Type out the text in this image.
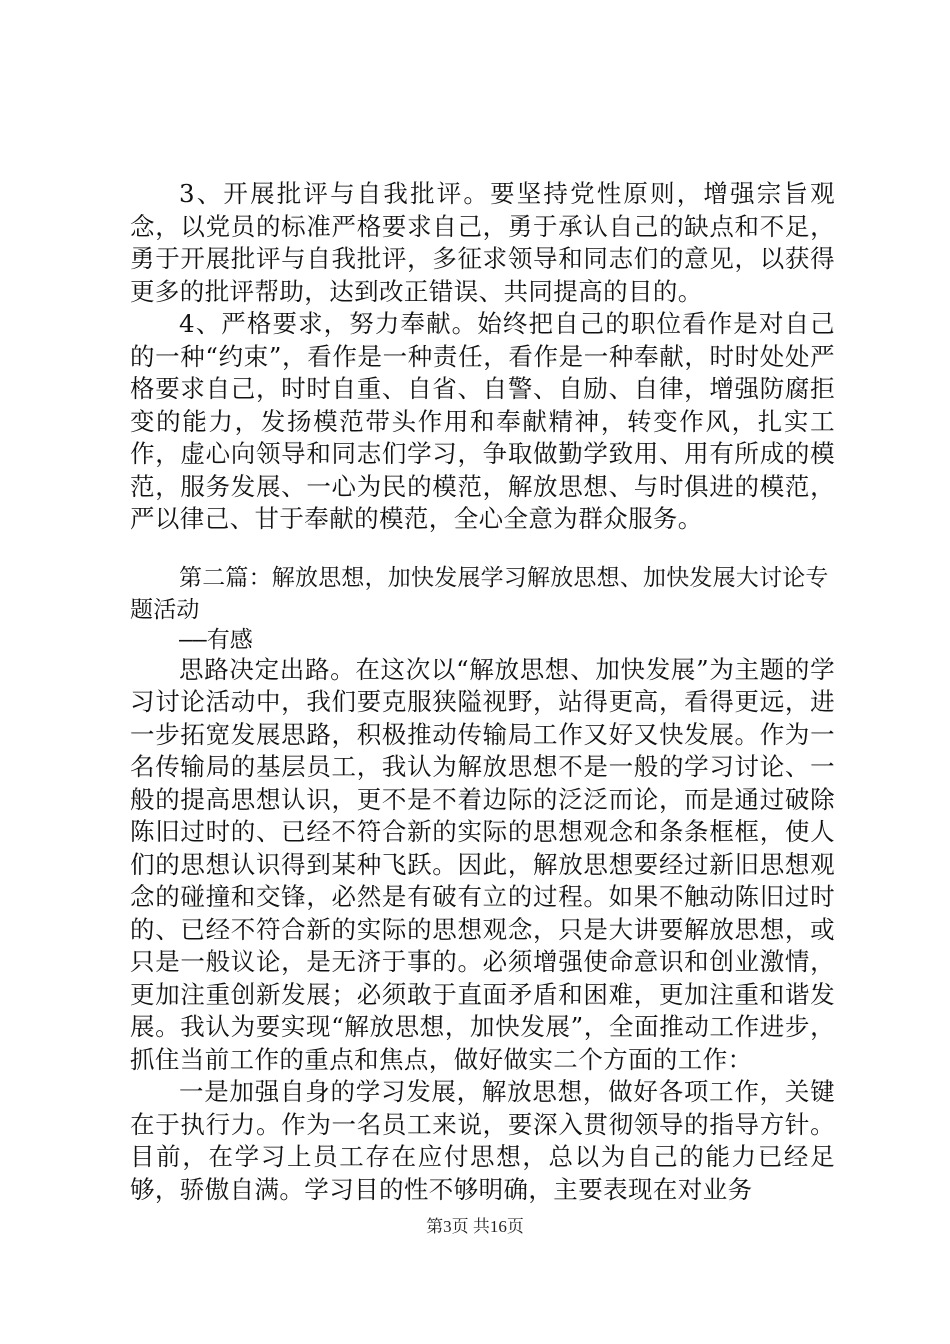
3、开展批评与自我批评。要坚持党性原则，增强宗旨观念，以党员的标准严格要求自己，勇于承认自己的缺点和不足，勇于开展批评与自我批评，多征求领导和同志们的意见，以获得更多的批评帮助，达到改正错误、共同提高的目的。

4、严格要求，努力奉献。始终把自己的职位看作是对自己的一种“约束”，看作是一种责任，看作是一种奉献，时时处处严格要求自己，时时自重、自省、自警、自励、自律，增强防腐拒变的能力，发扬模范带头作用和奉献精神，转变作风，扎实工作，虚心向领导和同志们学习，争取做勤学致用、用有所成的模范，服务发展、一心为民的模范，解放思想、与时俱进的模范，严以律己、甘于奉献的模范，全心全意为群众服务。

第二篇：解放思想，加快发展学习解放思想、加快发展大讨论专题活动

——有感

思路决定出路。在这次以“解放思想、加快发展”为主题的学习讨论活动中，我们要克服狭隘视野，站得更高，看得更远，进一步拓宽发展思路，积极推动传输局工作又好又快发展。作为一名传输局的基层员工，我认为解放思想不是一般的学习讨论、一般的提高思想认识，更不是不着边际的泛泛而论，而是通过破除陈旧过时的、已经不符合新的实际的思想观念和条条框框，使人们的思想认识得到某种飞跃。因此，解放思想要经过新旧思想观念的碰撞和交锋，必然是有破有立的过程。如果不触动陈旧过时的、已经不符合新的实际的思想观念，只是大讲要解放思想，或只是一般议论，是无济于事的。必须增强使命意识和创业激情，更加注重创新发展；必须敢于直面矛盾和困难，更加注重和谐发展。我认为要实现“解放思想，加快发展”，全面推动工作进步，抓住当前工作的重点和焦点，做好做实二个方面的工作：

一是加强自身的学习发展，解放思想，做好各项工作，关键在于执行力。作为一名员工来说，要深入贯彻领导的指导方针。目前，在学习上员工存在应付思想，总以为自己的能力已经足够，骄傲自满。学习目的性不够明确，主要表现在对业务

第3页 共16页
